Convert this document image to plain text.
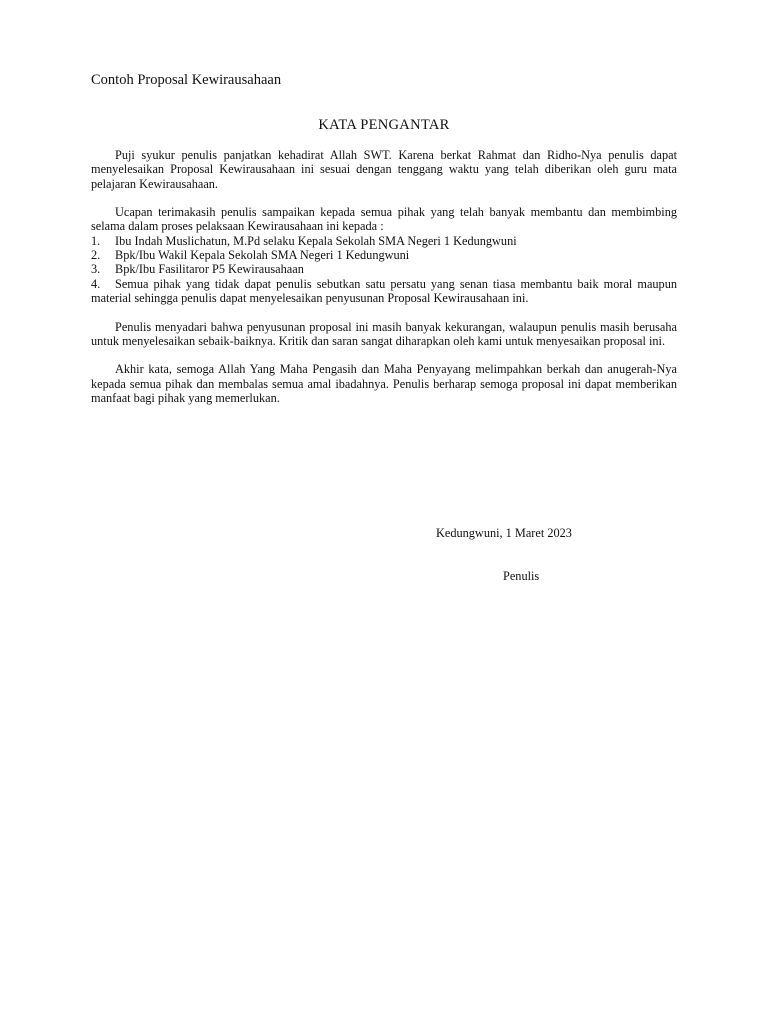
Contoh Proposal Kewirausahaan
KATA PENGANTAR

Puji syukur penulis panjatkan kehadirat Allah SWT. Karena berkat Rahmat dan Ridho-Nya penulis dapat menyelesaikan Proposal Kewirausahaan ini sesuai dengan tenggang waktu yang telah diberikan oleh guru mata pelajaran Kewirausahaan.

Ucapan terimakasih penulis sampaikan kepada semua pihak yang telah banyak membantu dan membimbing selama dalam proses pelaksaan Kewirausahaan ini kepada :

1.	Ibu Indah Muslichatun, M.Pd selaku Kepala Sekolah SMA Negeri 1 Kedungwuni
2.	Bpk/Ibu Wakil Kepala Sekolah SMA Negeri 1 Kedungwuni
3.	Bpk/Ibu Fasilitaror P5 Kewirausahaan
4. Semua pihak yang tidak dapat penulis sebutkan satu persatu yang senan tiasa membantu baik moral maupun material sehingga penulis dapat menyelesaikan penyusunan Proposal Kewirausahaan ini.

Penulis menyadari bahwa penyusunan proposal ini masih banyak kekurangan, walaupun penulis masih berusaha untuk menyelesaikan sebaik-baiknya. Kritik dan saran sangat diharapkan oleh kami untuk menyesaikan proposal ini.

Akhir kata, semoga Allah Yang Maha Pengasih dan Maha Penyayang melimpahkan berkah dan anugerah-Nya kepada semua pihak dan membalas semua amal ibadahnya. Penulis berharap semoga proposal ini dapat memberikan manfaat bagi pihak yang memerlukan.

Kedungwuni, 1 Maret 2023
Penulis
